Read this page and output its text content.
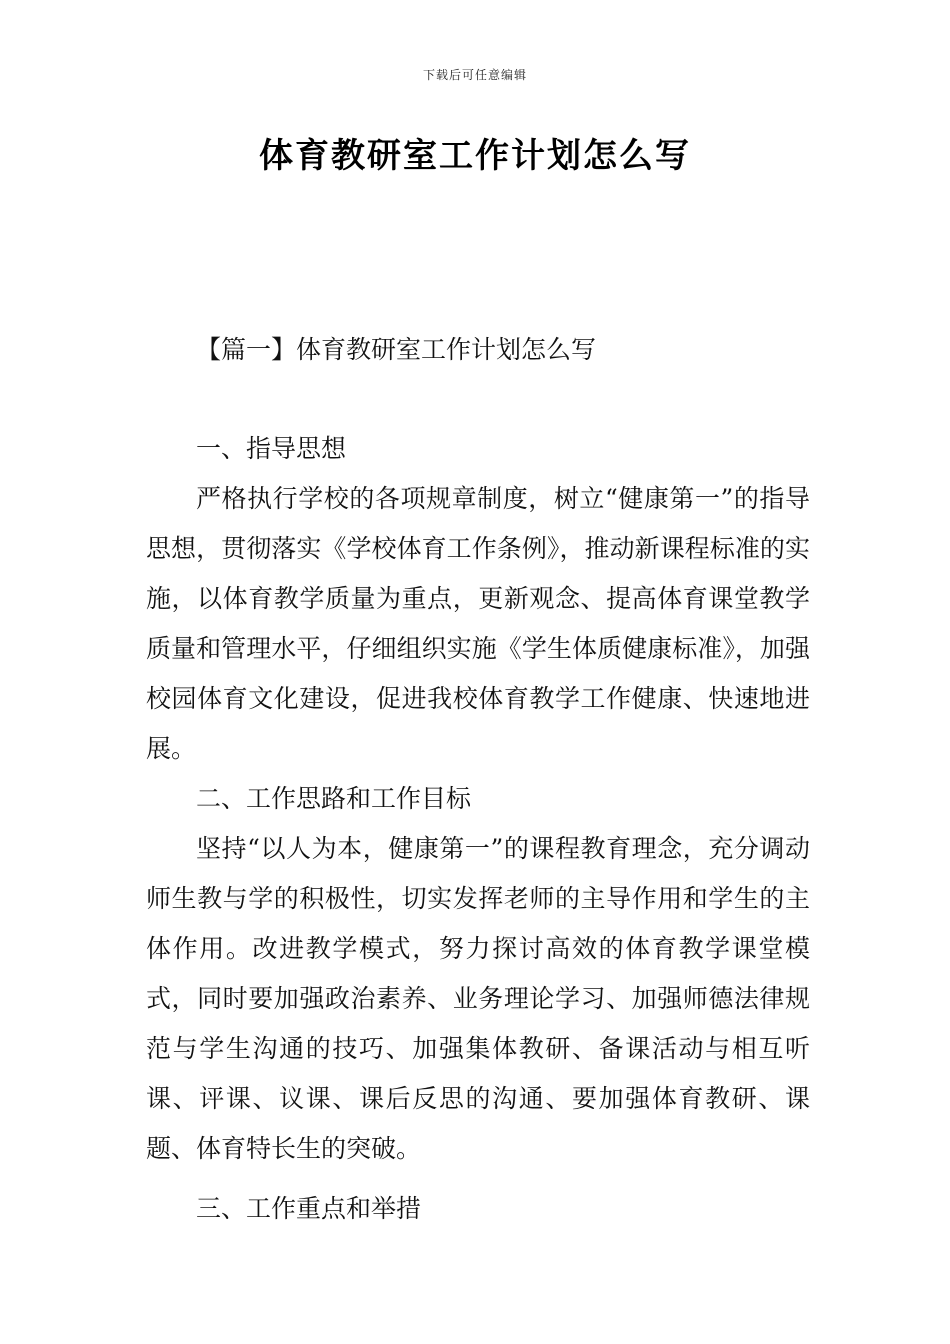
下载后可任意编辑
体育教研室工作计划怎么写
【篇一】体育教研室工作计划怎么写

一、指导思想

严格执行学校的各项规章制度，树立“健康第一”的指导思想，贯彻落实《学校体育工作条例》，推动新课程标准的实施，以体育教学质量为重点，更新观念、提高体育课堂教学质量和管理水平，仔细组织实施《学生体质健康标准》，加强校园体育文化建设，促进我校体育教学工作健康、快速地进展。

二、工作思路和工作目标

坚持“以人为本，健康第一”的课程教育理念，充分调动师生教与学的积极性，切实发挥老师的主导作用和学生的主体作用。改进教学模式，努力探讨高效的体育教学课堂模式，同时要加强政治素养、业务理论学习、加强师德法律规范与学生沟通的技巧、加强集体教研、备课活动与相互听课、评课、议课、课后反思的沟通、要加强体育教研、课题、体育特长生的突破。

三、工作重点和举措
